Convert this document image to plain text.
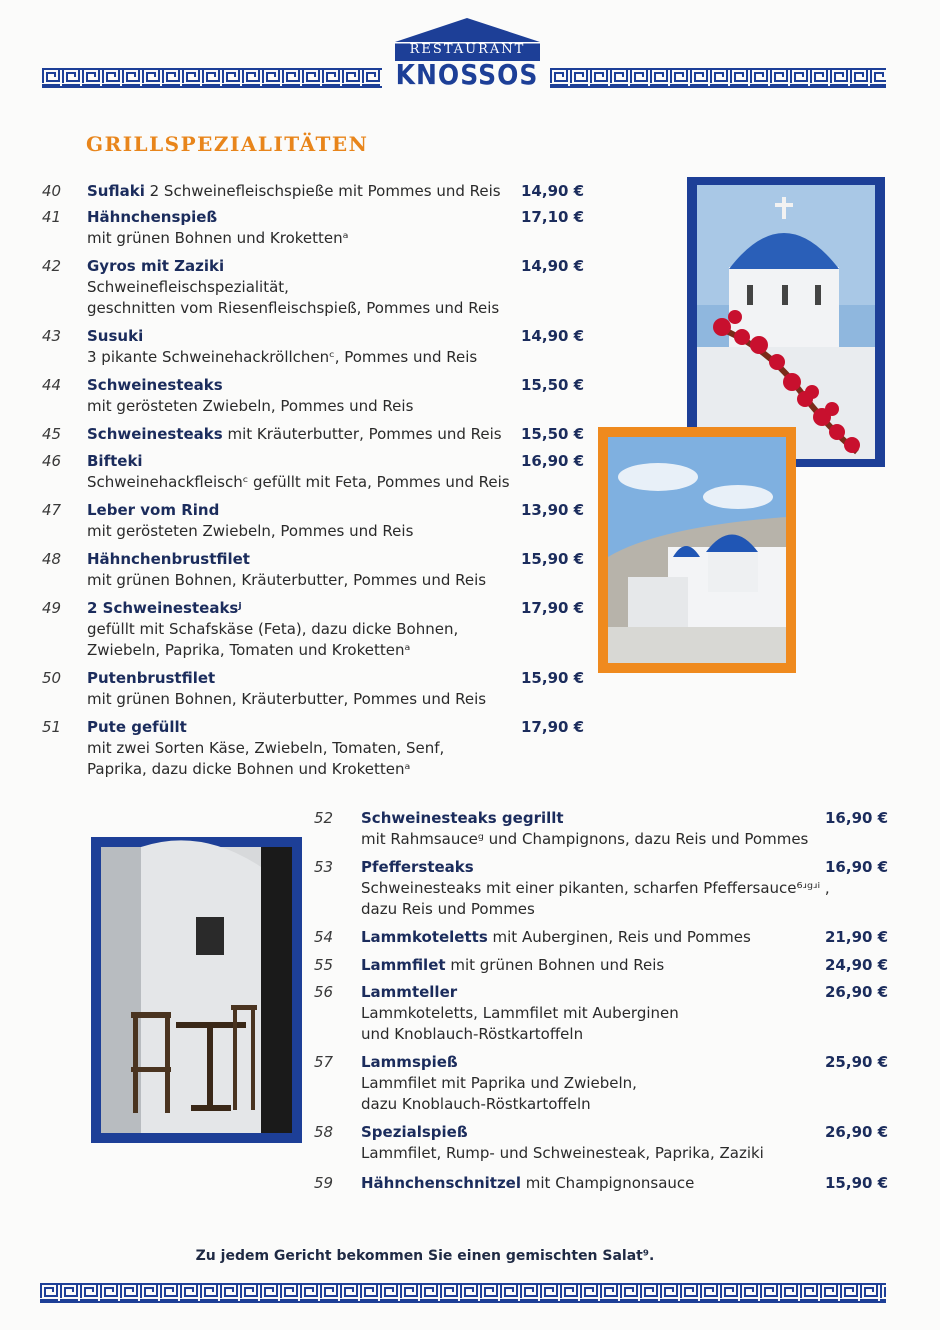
RESTAURANT
KNOSSOS
GRILLSPEZIALITÄTEN
40 Suflaki 2 Schweinefleischspieße mit Pommes und Reis 14,90 €
41 Hähnchenspieß
mit grünen Bohnen und Krokettenᵃ
17,10 €
42 Gyros mit Zaziki
Schweinefleischspezialität,
geschnitten vom Riesenfleischspieß, Pommes und Reis
14,90 €
43 Susuki
3 pikante Schweinehackröllchenᶜ, Pommes und Reis
14,90 €
44 Schweinesteaks
mit gerösteten Zwiebeln, Pommes und Reis
15,50 €
45 Schweinesteaks mit Kräuterbutter, Pommes und Reis 15,50 €
46 Bifteki
Schweinehackfleischᶜ gefüllt mit Feta, Pommes und Reis
16,90 €
47 Leber vom Rind
mit gerösteten Zwiebeln, Pommes und Reis
13,90 €
48 Hähnchenbrustfilet
mit grünen Bohnen, Kräuterbutter, Pommes und Reis
15,90 €
49 2 Schweinesteaksʲ
gefüllt mit Schafskäse (Feta), dazu dicke Bohnen,
Zwiebeln, Paprika, Tomaten und Krokettenᵃ
17,90 €
50 Putenbrustfilet
mit grünen Bohnen, Kräuterbutter, Pommes und Reis
15,90 €
51 Pute gefüllt
mit zwei Sorten Käse, Zwiebeln, Tomaten, Senf,
Paprika, dazu dicke Bohnen und Krokettenᵃ
17,90 €
52 Schweinesteaks gegrillt
mit Rahmsauceᵍ und Champignons, dazu Reis und Pommes
16,90 €
53 Pfeffersteaks
Schweinesteaks mit einer pikanten, scharfen Pfeffersauce⁶ʴᵍʴⁱ ,
dazu Reis und Pommes
16,90 €
54 Lammkoteletts mit Auberginen, Reis und Pommes	21,90 €
55 Lammfilet mit grünen Bohnen und Reis	24,90 €
56 Lammteller
Lammkoteletts, Lammfilet mit Auberginen
und Knoblauch-Röstkartoffeln
26,90 €
57 Lammspieß
Lammfilet mit Paprika und Zwiebeln,
dazu Knoblauch-Röstkartoffeln
25,90 €
58 Spezialspieß
Lammfilet, Rump- und Schweinesteak, Paprika, Zaziki
26,90 €
59 Hähnchenschnitzel mit Champignonsauce	15,90 €
Zu jedem Gericht bekommen Sie einen gemischten Salat⁹.
